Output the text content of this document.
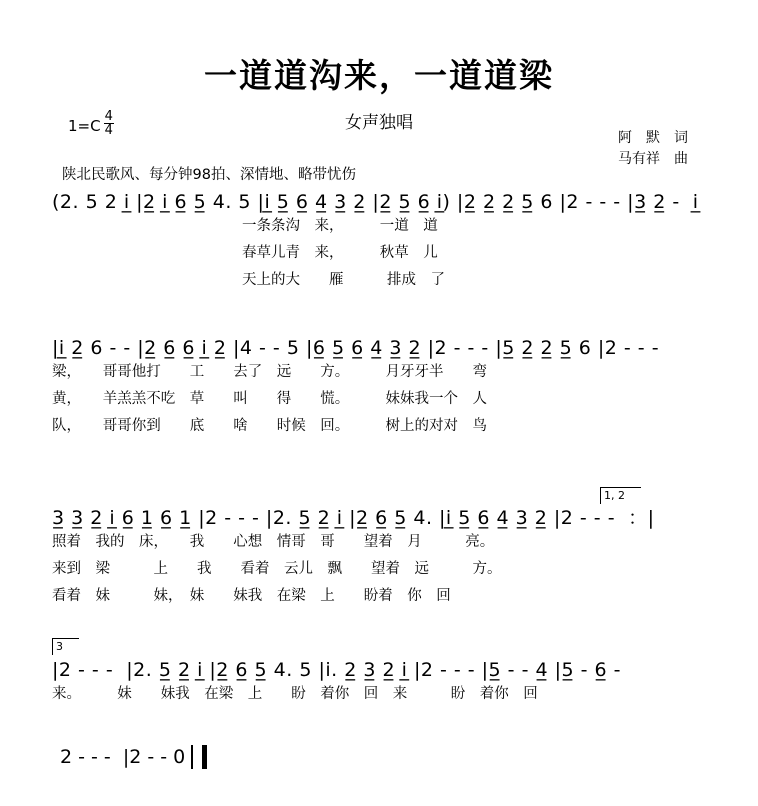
一道道沟来，一道道梁
女声独唱
$1=C \frac{4}{4}$
阿　默　词
马有祥　曲
陕北民歌风、每分钟98拍、深情地、略带忧伤
(2. 5 2 i̲ |2̲ i̲ 6̲ 5̲ 4. 5 |i̲ 5̲ 6̲ 4̲ 3̲ 2̲ |2̲ 5̲ 6̲ i̲) |2̲ 2̲ 2̲ 5̲ 6 |2 - - - |3̲ 2̲ -  i̲
一条条沟　来，　　　一道　道
春草儿青　来，　　　秋草　儿
天上的大　　雁　　　排成　了
|i̲ 2̲ 6 - - |2̲ 6̲ 6̲ i̲ 2̲ |4 - - 5 |6̲ 5̲ 6̲ 4̲ 3̲ 2̲ |2 - - - |5̲ 2̲ 2̲ 5̲ 6 |2 - - -
梁，　　哥哥他打　　工　　去了　远　　方。　　　月牙牙半　　弯
黄，　　羊羔羔不吃　草　　叫　　得　　慌。　　　妹妹我一个　人
队，　　哥哥你到　　底　　啥　　时候　回。　　　树上的对对　鸟
3̲ 3̲ 2̲ i̲ 6̲ 1̲ 6̲ 1̲ |2 - - - |2. 5̲ 2̲ i̲ |2̲ 6̲ 5̲ 4. |i̲ 5̲ 6̲ 4̲ 3̲ 2̲ |2 - - -  ：|
照着　我的　床，　　我　　心想　情哥　哥　　望着　月　　　亮。
来到　梁　　　上　　我　　看着　云儿　飘　　望着　远　　　方。
看着　妹　　　妹，　妹　　妹我　在梁　上　　盼着　你　回
1, 2
|2 - - -  |2. 5̲ 2̲ i̲ |2̲ 6̲ 5̲ 4. 5 |i. 2̲ 3̲ 2̲ i̲ |2 - - - |5̲ - - 4̲ |5̲ - 6̲ -
来。　　　妹　　妹我　在梁　上　　盼　着你　回　来　　　盼　着你　回
3
2 - - -  |2 - - 0
